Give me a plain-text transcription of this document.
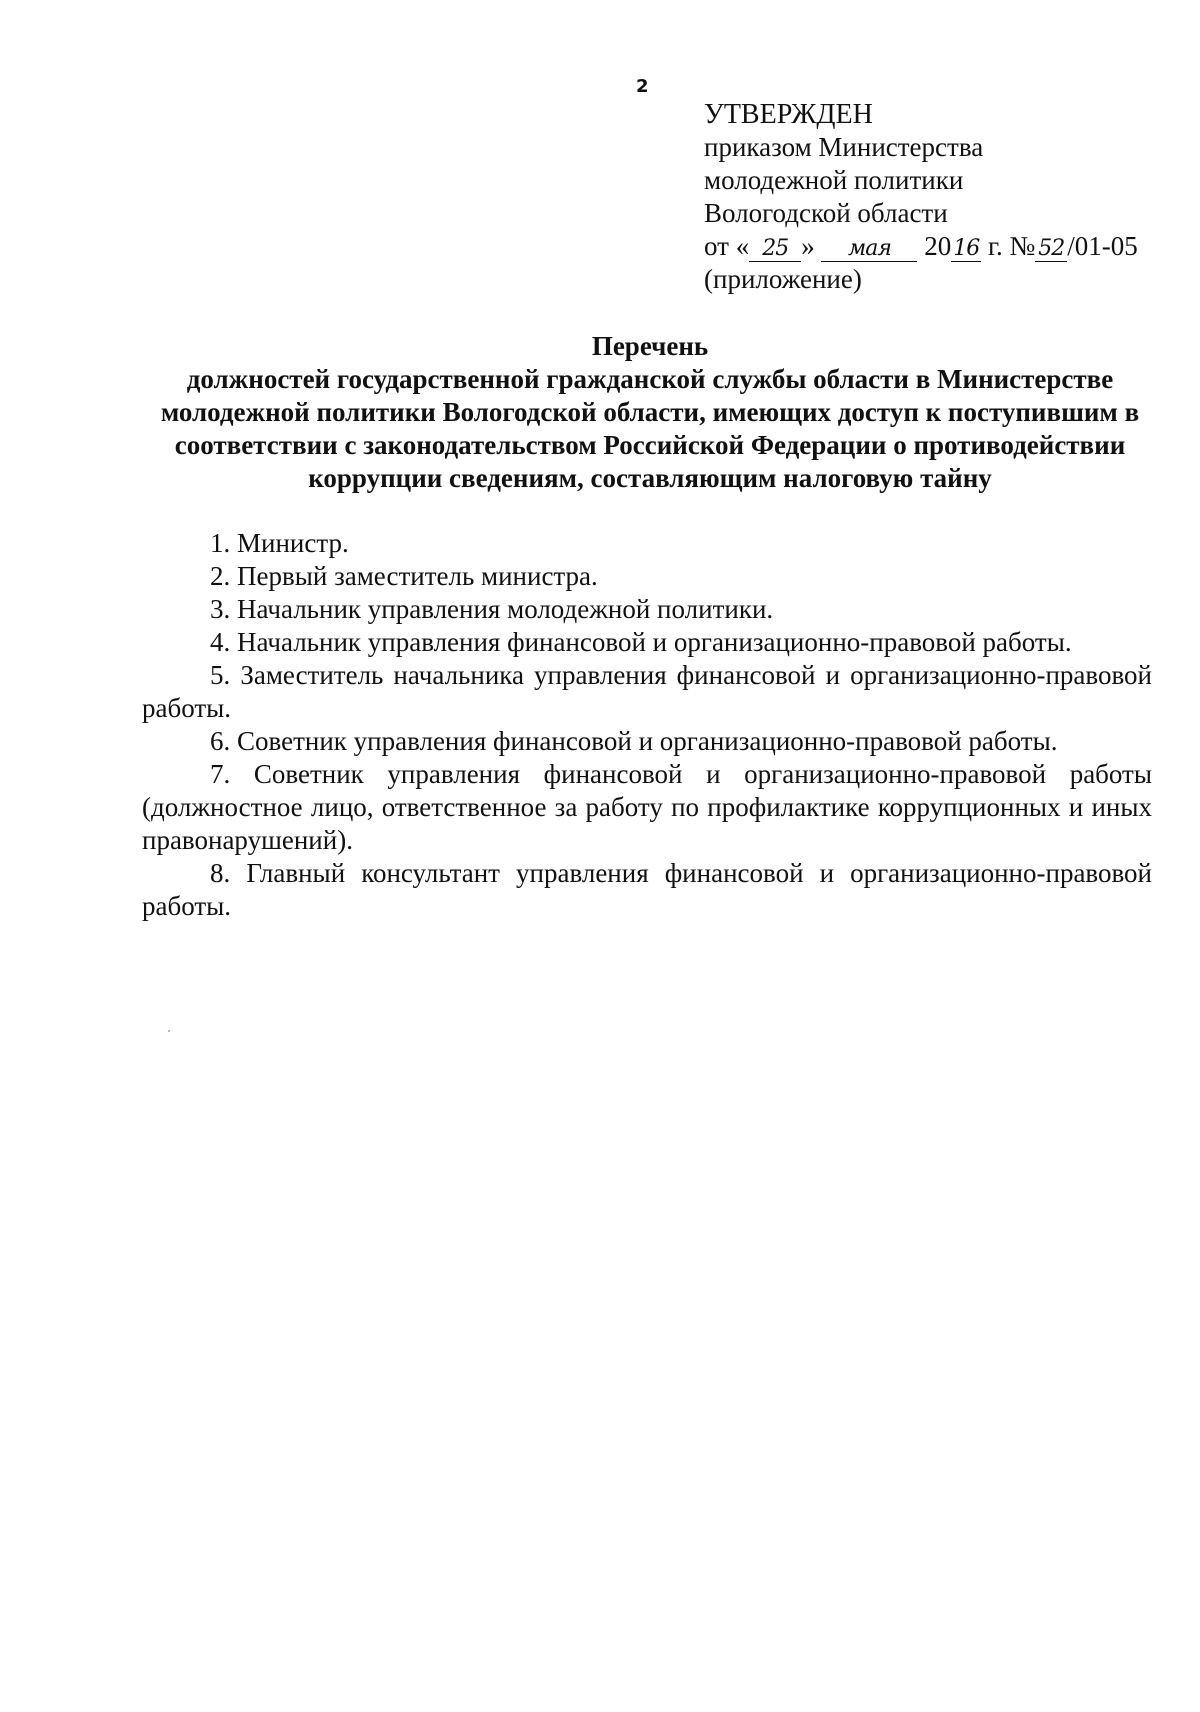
2
УТВЕРЖДЕН
приказом Министерства
молодежной политики
Вологодской области
от « 25 » мая 2016 г. № 52 /01-05
(приложение)
Перечень
должностей государственной гражданской службы области в Министерстве молодежной политики Вологодской области, имеющих доступ к поступившим в соответствии с законодательством Российской Федерации о противодействии коррупции сведениям, составляющим налоговую тайну
1. Министр.
2. Первый заместитель министра.
3. Начальник управления молодежной политики.
4. Начальник управления финансовой и организационно-правовой работы.
5. Заместитель начальника управления финансовой и организационно-правовой работы.
6. Советник управления финансовой и организационно-правовой работы.
7. Советник управления финансовой и организационно-правовой работы (должностное лицо, ответственное за работу по профилактике коррупционных и иных правонарушений).
8. Главный консультант управления финансовой и организационно-правовой работы.
